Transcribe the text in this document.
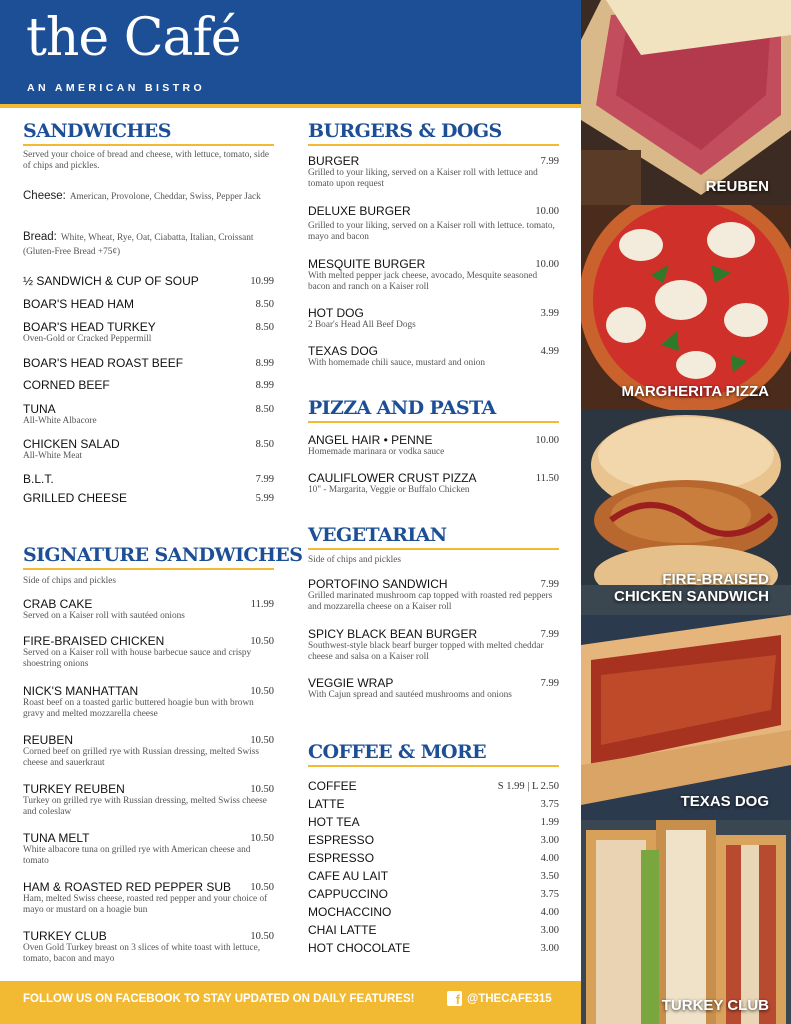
the Café
AN AMERICAN BISTRO
SANDWICHES
Served your choice of bread and cheese, with lettuce, tomato, side of chips and pickles.
Cheese: American, Provolone, Cheddar, Swiss, Pepper Jack
Bread: White, Wheat, Rye, Oat, Ciabatta, Italian, Croissant (Gluten-Free Bread +75¢)
½ SANDWICH & CUP OF SOUP	10.99
BOAR'S HEAD HAM	8.50
BOAR'S HEAD TURKEY	8.50
Oven-Gold or Cracked Peppermill
BOAR'S HEAD ROAST BEEF	8.99
CORNED BEEF	8.99
TUNA	8.50
All-White Albacore
CHICKEN SALAD	8.50
All-White Meat
B.L.T.	7.99
GRILLED CHEESE	5.99
SIGNATURE SANDWICHES
Side of chips and pickles
CRAB CAKE	11.99
Served on a Kaiser roll with sautéed onions
FIRE-BRAISED CHICKEN	10.50
Served on a Kaiser roll with house barbecue sauce and crispy shoestring onions
NICK'S MANHATTAN	10.50
Roast beef on a toasted garlic buttered hoagie bun with brown gravy and melted mozzarella cheese
REUBEN	10.50
Corned beef on grilled rye with Russian dressing, melted Swiss cheese and sauerkraut
TURKEY REUBEN	10.50
Turkey on grilled rye with Russian dressing, melted Swiss cheese and coleslaw
TUNA MELT	10.50
White albacore tuna on grilled rye with American cheese and tomato
HAM & ROASTED RED PEPPER SUB	10.50
Ham, melted Swiss cheese, roasted red pepper and your choice of mayo or mustard on a hoagie bun
TURKEY CLUB	10.50
Oven Gold Turkey breast on 3 slices of white toast with lettuce, tomato, bacon and mayo
BURGERS & DOGS
BURGER	7.99
Grilled to your liking, served on a Kaiser roll with lettuce and tomato upon request
DELUXE BURGER	10.00
Grilled to your liking, served on a Kaiser roll with lettuce. tomato, mayo and bacon
MESQUITE BURGER	10.00
With melted pepper jack cheese, avocado, Mesquite seasoned bacon and ranch on a Kaiser roll
HOT DOG	3.99
2 Boar's Head All Beef Dogs
TEXAS DOG	4.99
With homemade chili sauce, mustard and onion
PIZZA AND PASTA
ANGEL HAIR • PENNE	10.00
Homemade marinara or vodka sauce
CAULIFLOWER CRUST PIZZA	11.50
10" - Margarita, Veggie or Buffalo Chicken
VEGETARIAN
Side of chips and pickles
PORTOFINO SANDWICH	7.99
Grilled marinated mushroom cap topped with roasted red peppers and mozzarella cheese on a Kaiser roll
SPICY BLACK BEAN BURGER	7.99
Southwest-style black bearf burger topped with melted cheddar cheese and salsa on a Kaiser roll
VEGGIE WRAP	7.99
With Cajun spread and sautéed mushrooms and onions
COFFEE & MORE
COFFEE	S 1.99 | L 2.50
LATTE	3.75
HOT TEA	1.99
ESPRESSO	3.00
ESPRESSO	4.00
CAFE AU LAIT	3.50
CAPPUCCINO	3.75
MOCHACCINO	4.00
CHAI LATTE	3.00
HOT CHOCOLATE	3.00
REUBEN
MARGHERITA PIZZA
FIRE-BRAISED
CHICKEN SANDWICH
TEXAS DOG
TURKEY CLUB
FOLLOW US ON FACEBOOK TO STAY UPDATED ON DAILY FEATURES!	f @THECAFE315
